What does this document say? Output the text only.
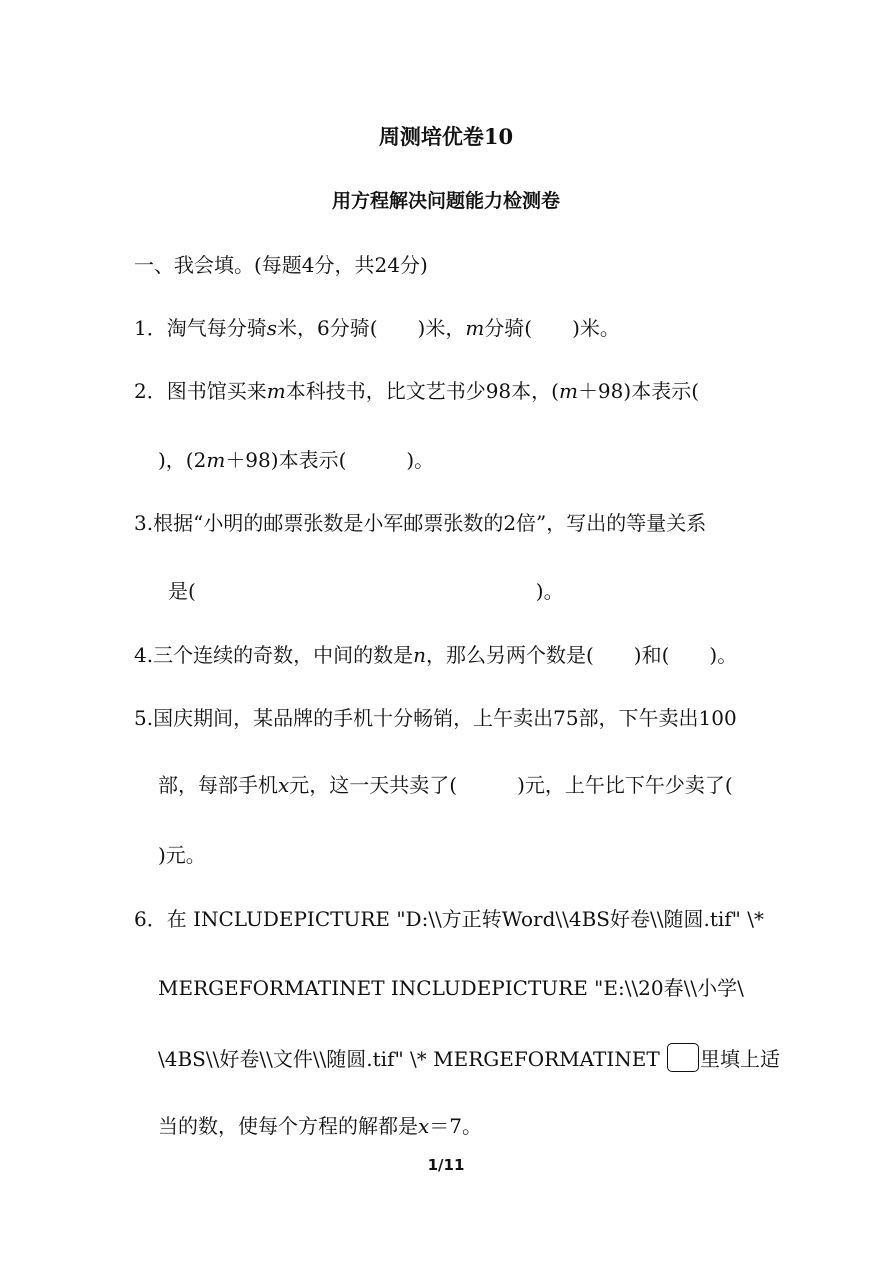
周测培优卷10
用方程解决问题能力检测卷
一、我会填。(每题4分，共24分)
1．淘气每分骑s米，6分骑(　　)米，m分骑(　　)米。
2．图书馆买来m本科技书，比文艺书少98本，(m＋98)本表示(
)，(2m＋98)本表示(　　　)。
3.根据“小明的邮票张数是小军邮票张数的2倍”，写出的等量关系
是(　　　　　　　　　　　　　　　　　)。
4.三个连续的奇数，中间的数是n，那么另两个数是(　　)和(　　)。
5.国庆期间，某品牌的手机十分畅销，上午卖出75部，下午卖出100
部，每部手机x元，这一天共卖了(　　　)元，上午比下午少卖了(
)元。
6．在 INCLUDEPICTURE "D:\\方正转Word\\4BS好卷\\随圆.tif" \*
MERGEFORMATINET INCLUDEPICTURE "E:\\20春\\小学\
\4BS\\好卷\\文件\\随圆.tif" \* MERGEFORMATINET 里填上适
当的数，使每个方程的解都是x＝7。
1/11
